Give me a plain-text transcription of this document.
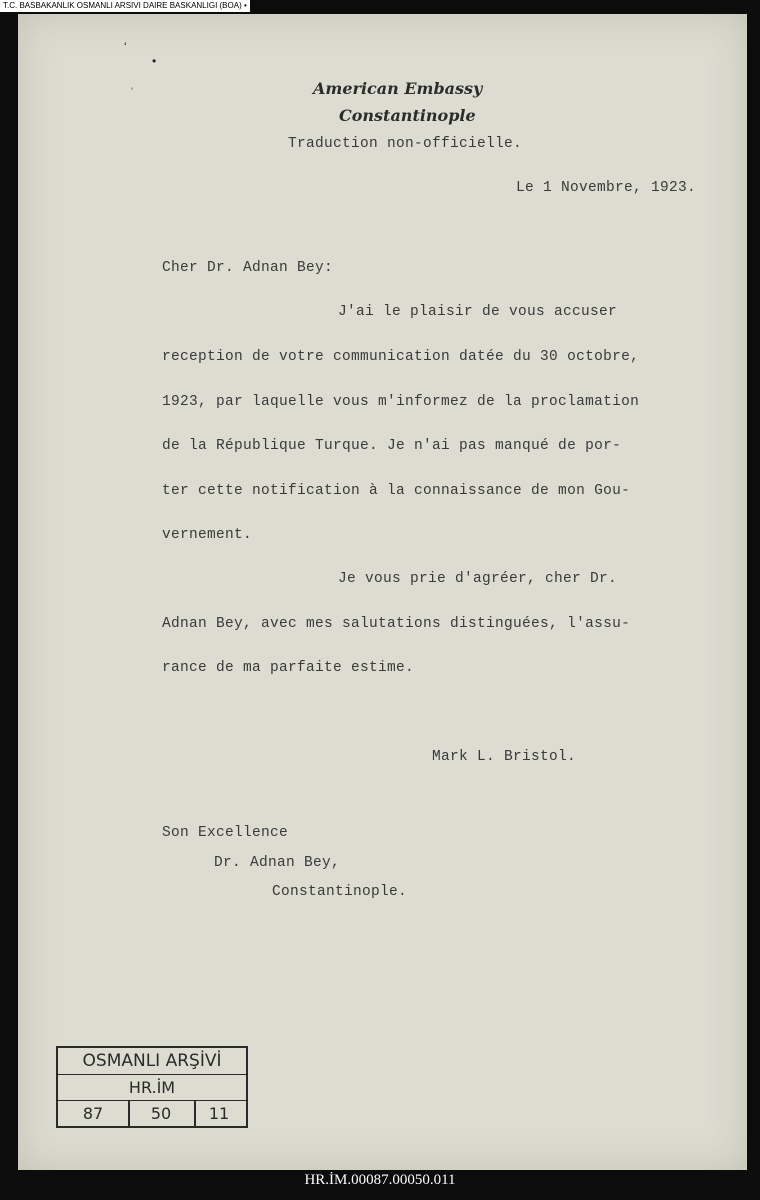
T.C. BASBAKANLIK OSMANLI ARSIVI DAIRE BASKANLIGI (BOA) •
ʻ
•
ˌ	American Embassy
Constantinople
Traduction non-officielle.
Le 1 Novembre, 1923.
Cher Dr. Adnan Bey:
J'ai le plaisir de vous accuser
reception de votre communication datée du 30 octobre,
1923, par laquelle vous m'informez de la proclamation
de la République Turque. Je n'ai pas manqué de por-
ter cette notification à la connaissance de mon Gou-
vernement.
Je vous prie d'agréer, cher Dr.
Adnan Bey, avec mes salutations distinguées, l'assu-
rance de ma parfaite estime.
Mark L. Bristol.
Son Excellence
Dr. Adnan Bey,
Constantinople.
OSMANLI ARŞİVİ
HR.İM
87	50	11
HR.İM.00087.00050.011
